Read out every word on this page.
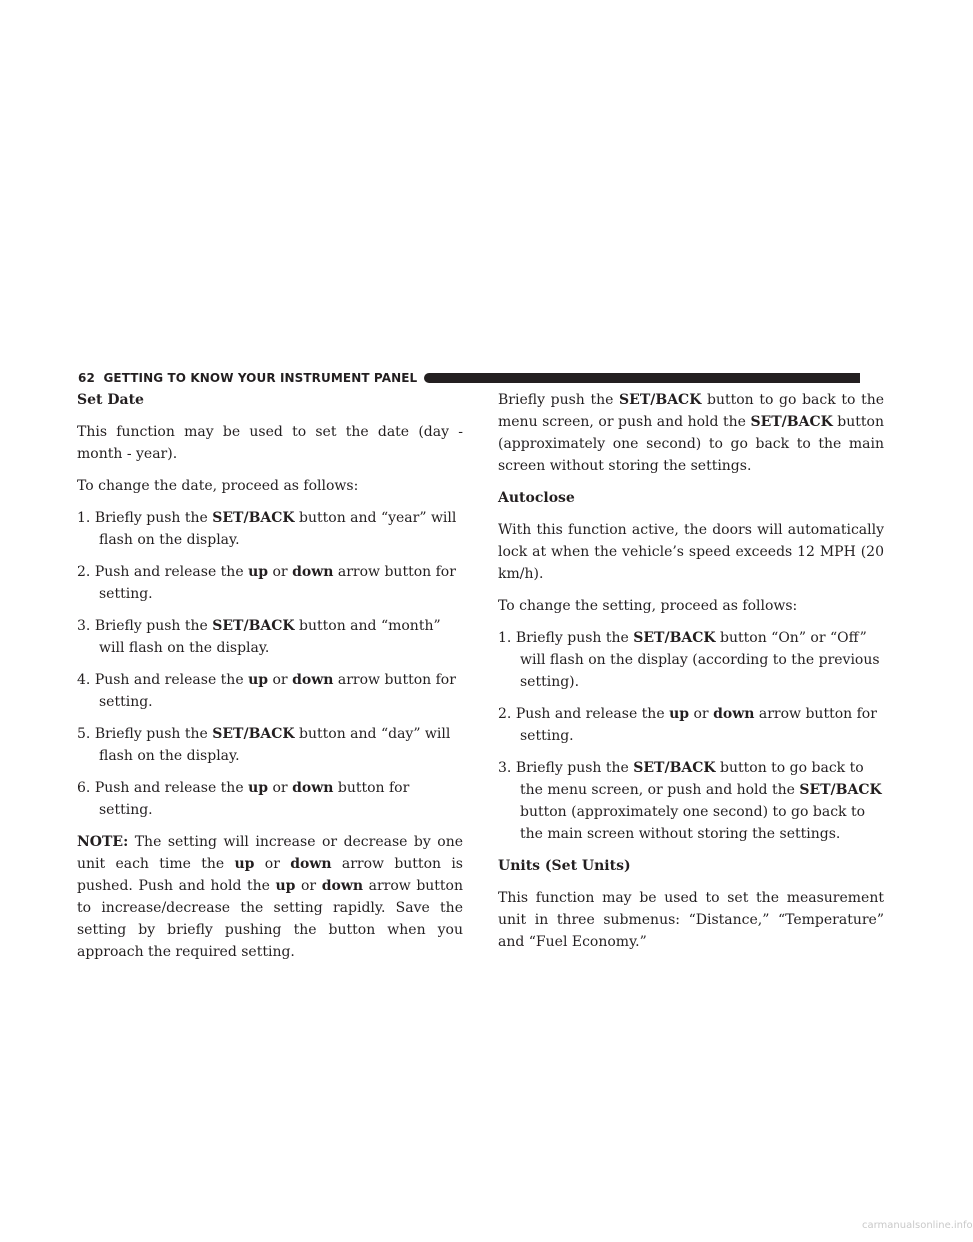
62 GETTING TO KNOW YOUR INSTRUMENT PANEL
Set Date

This function may be used to set the date (day - month - year).

To change the date, proceed as follows:

1. Briefly push the SET/BACK button and “year” will flash on the display.
2. Push and release the up or down arrow button for setting.
3. Briefly push the SET/BACK button and “month” will flash on the display.
4. Push and release the up or down arrow button for setting.
5. Briefly push the SET/BACK button and “day” will flash on the display.
6. Push and release the up or down button for setting.

NOTE: The setting will increase or decrease by one unit each time the up or down arrow button is pushed. Push and hold the up or down arrow button to increase/decrease the setting rapidly. Save the setting by briefly pushing the button when you approach the required setting.

Briefly push the SET/BACK button to go back to the menu screen, or push and hold the SET/BACK button (approximately one second) to go back to the main screen without storing the settings.

Autoclose

With this function active, the doors will automatically lock at when the vehicle’s speed exceeds 12 MPH (20 km/h).

To change the setting, proceed as follows:

1. Briefly push the SET/BACK button “On” or “Off” will flash on the display (according to the previous setting).
2. Push and release the up or down arrow button for setting.
3. Briefly push the SET/BACK button to go back to the menu screen, or push and hold the SET/BACK button (approximately one second) to go back to the main screen without storing the settings.
Units (Set Units)

This function may be used to set the measurement unit in three submenus: “Distance,” “Temperature” and “Fuel Economy.”

carmanualsonline.info
